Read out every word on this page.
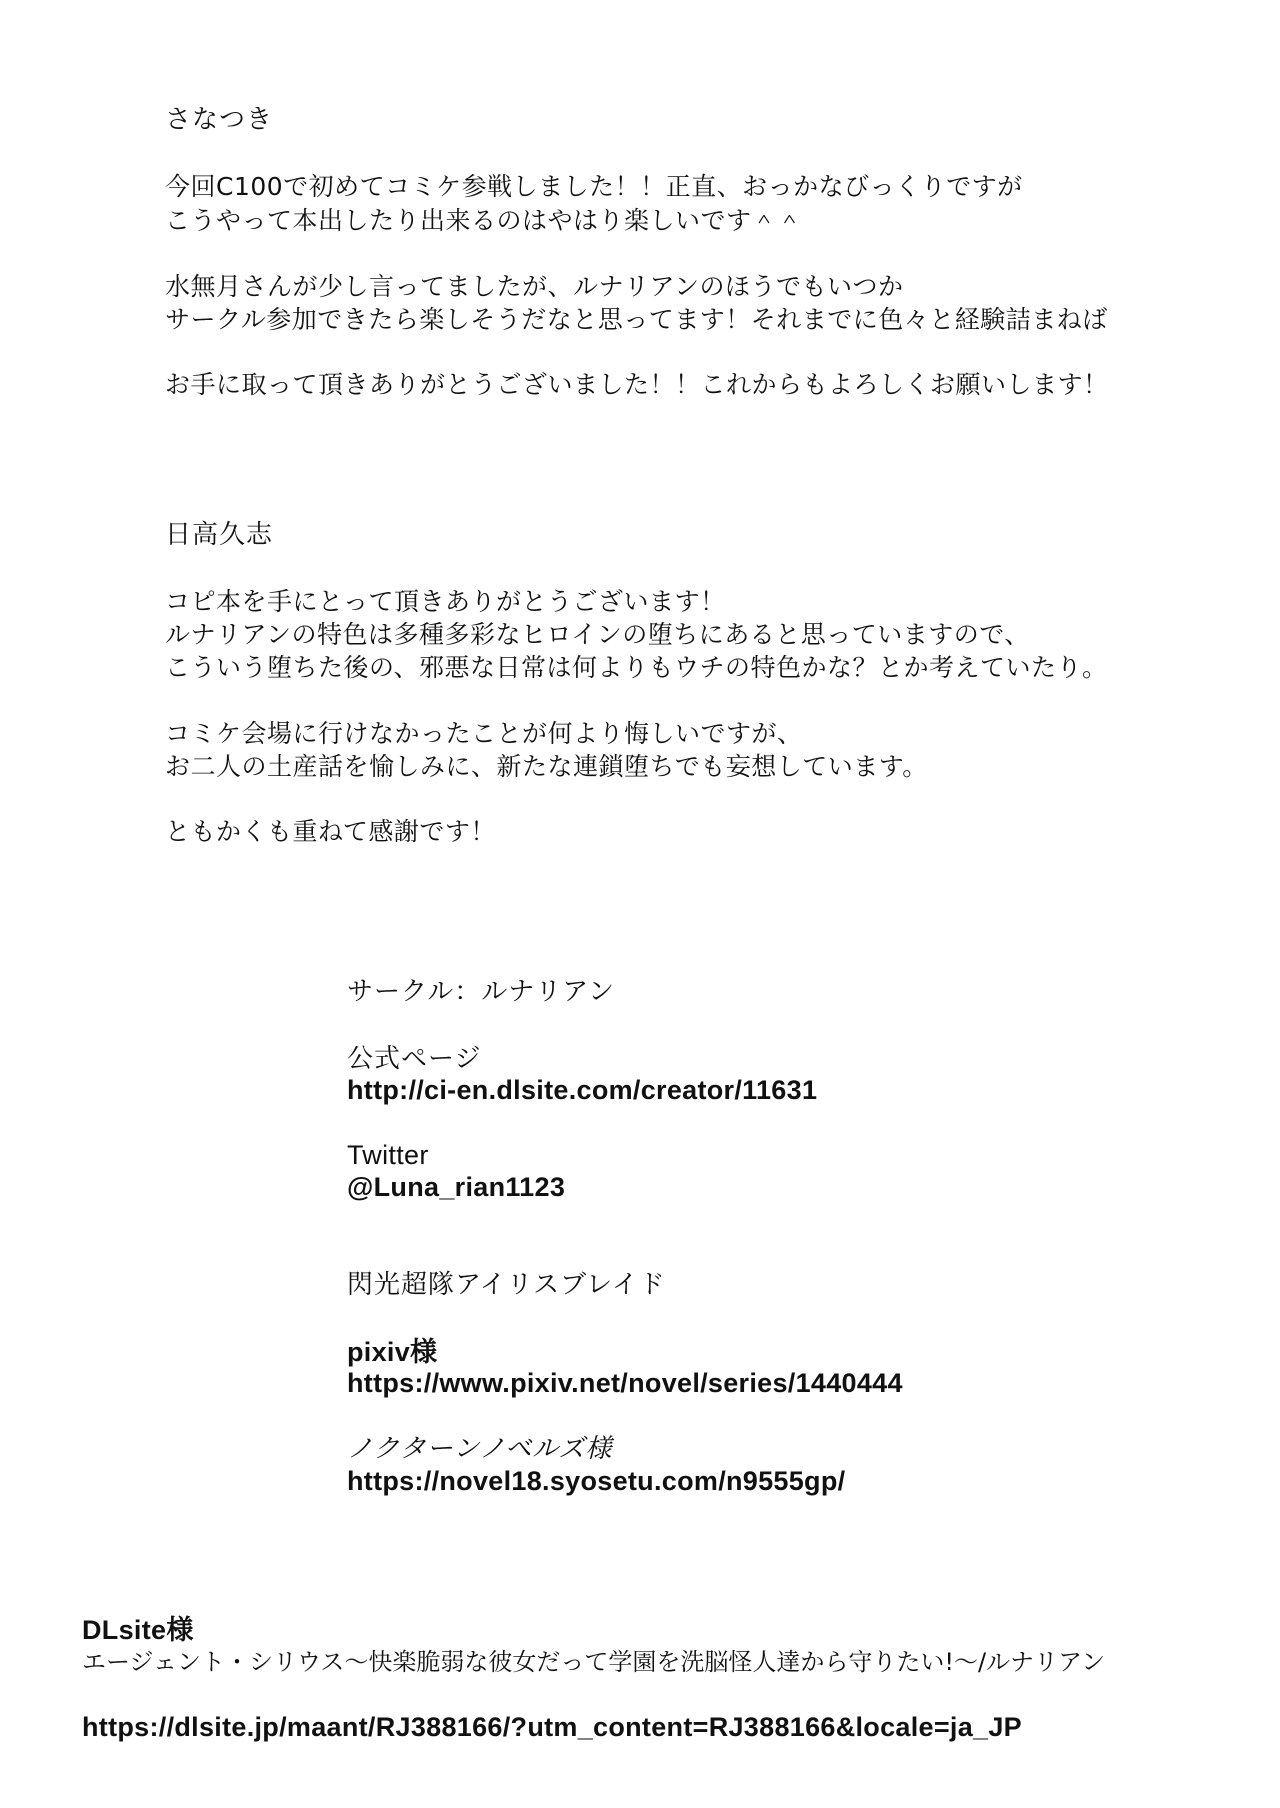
さなつき
今回C100で初めてコミケ参戦しました！！正直、おっかなびっくりですが
こうやって本出したり出来るのはやはり楽しいです＾＾
水無月さんが少し言ってましたが、ルナリアンのほうでもいつか
サークル参加できたら楽しそうだなと思ってます！それまでに色々と経験詰まねば
お手に取って頂きありがとうございました！！これからもよろしくお願いします！
日高久志
コピ本を手にとって頂きありがとうございます！
ルナリアンの特色は多種多彩なヒロインの堕ちにあると思っていますので、
こういう堕ちた後の、邪悪な日常は何よりもウチの特色かな？とか考えていたり。
コミケ会場に行けなかったことが何より悔しいですが、
お二人の土産話を愉しみに、新たな連鎖堕ちでも妄想しています。
ともかくも重ねて感謝です！
サークル：ルナリアン
公式ページ
http://ci-en.dlsite.com/creator/11631
Twitter
@Luna_rian1123
閃光超隊アイリスブレイド
pixiv様
https://www.pixiv.net/novel/series/1440444
ノクターンノベルズ様
https://novel18.syosetu.com/n9555gp/
DLsite様
エージェント・シリウス～快楽脆弱な彼女だって学園を洗脳怪人達から守りたい!～/ルナリアン
https://dlsite.jp/maant/RJ388166/?utm_content=RJ388166&locale=ja_JP
